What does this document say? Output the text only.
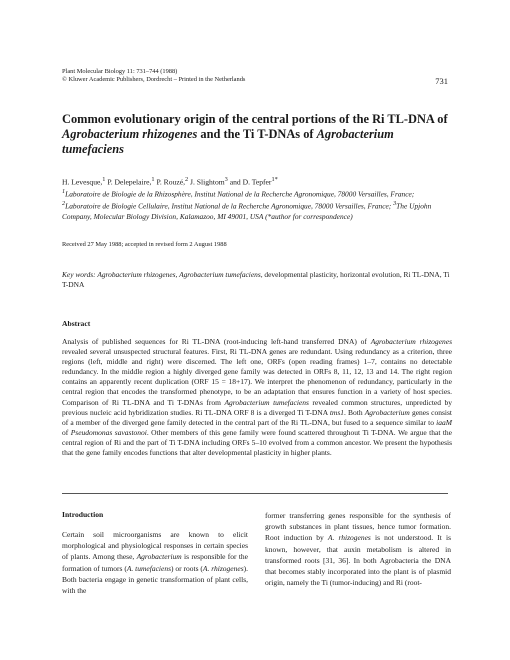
Plant Molecular Biology 11: 731–744 (1988)
© Kluwer Academic Publishers, Dordrecht – Printed in the Netherlands	731
Common evolutionary origin of the central portions of the Ri TL-DNA of Agrobacterium rhizogenes and the Ti T-DNAs of Agrobacterium tumefaciens
H. Levesque,$^1$ P. Delepelaire,$^1$ P. Rouzé,$^2$ J. Slightom$^3$ and D. Tepfer$^{1*}$
$^1$Laboratoire de Biologie de la Rhizosphère, Institut National de la Recherche Agronomique, 78000 Versailles, France; $^2$Laboratoire de Biologie Cellulaire, Institut National de la Recherche Agronomique, 78000 Versailles, France; $^3$The Upjohn Company, Molecular Biology Division, Kalamazoo, MI 49001, USA (*author for correspondence)
Received 27 May 1988; accepted in revised form 2 August 1988
Key words: Agrobacterium rhizogenes, Agrobacterium tumefaciens, developmental plasticity, horizontal evolution, Ri TL-DNA, Ti T-DNA
Abstract
Analysis of published sequences for Ri TL-DNA (root-inducing left-hand transferred DNA) of Agrobacterium rhizogenes revealed several unsuspected structural features. First, Ri TL-DNA genes are redundant. Using redundancy as a criterion, three regions (left, middle and right) were discerned. The left one, ORFs (open reading frames) 1–7, contains no detectable redundancy. In the middle region a highly diverged gene family was detected in ORFs 8, 11, 12, 13 and 14. The right region contains an apparently recent duplication (ORF 15 = 18+17). We interpret the phenomenon of redundancy, particularly in the central region that encodes the transformed phenotype, to be an adaptation that ensures function in a variety of host species. Comparison of Ri TL-DNA and Ti T-DNAs from Agrobacterium tumefaciens revealed common structures, unpredicted by previous nucleic acid hybridization studies. Ri TL-DNA ORF 8 is a diverged Ti T-DNA tms1. Both Agrobacterium genes consist of a member of the diverged gene family detected in the central part of the Ri TL-DNA, but fused to a sequence similar to iaaM of Pseudomonas savastonoi. Other members of this gene family were found scattered throughout Ti T-DNA. We argue that the central region of Ri and the part of Ti T-DNA including ORFs 5–10 evolved from a common ancestor. We present the hypothesis that the gene family encodes functions that alter developmental plasticity in higher plants.
Introduction

Certain soil microorganisms are known to elicit morphological and physiological responses in certain species of plants. Among these, Agrobacterium is responsible for the formation of tumors (A. tumefaciens) or roots (A. rhizogenes). Both bacteria engage in genetic transformation of plant cells, with the

former transferring genes responsible for the synthesis of growth substances in plant tissues, hence tumor formation. Root induction by A. rhizogenes is not understood. It is known, however, that auxin metabolism is altered in transformed roots [31, 36]. In both Agrobacteria the DNA that becomes stably incorporated into the plant is of plasmid origin, namely the Ti (tumor-inducing) and Ri (root-
